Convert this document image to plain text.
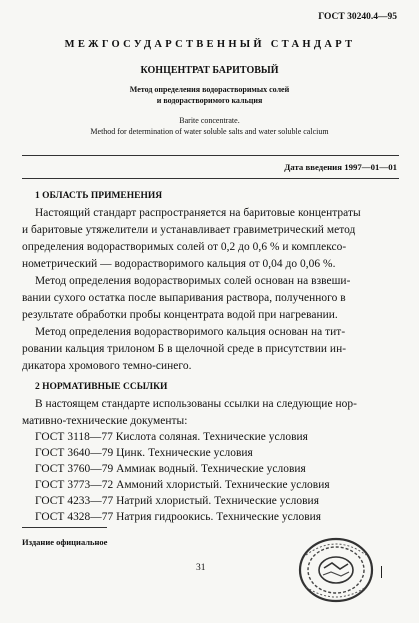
ГОСТ 30240.4—95
МЕЖГОСУДАРСТВЕННЫЙ СТАНДАРТ
КОНЦЕНТРАТ БАРИТОВЫЙ
Метод определения водорастворимых солей
и водорастворимого кальция
Barite concentrate.
Method for determination of water soluble salts and water soluble calcium
Дата введения 1997—01—01
1 ОБЛАСТЬ ПРИМЕНЕНИЯ
Настоящий стандарт распространяется на баритовые концентраты
и баритовые утяжелители и устанавливает гравиметрический метод
определения водорастворимых солей от 0,2 до 0,6 % и комплексо-
нометрический — водорастворимого кальция от 0,04 до 0,06 %.
Метод определения водорастворимых солей основан на взвеши-
вании сухого остатка после выпаривания раствора, полученного в
результате обработки пробы концентрата водой при нагревании.
Метод определения водорастворимого кальция основан на тит-
ровании кальция трилоном Б в щелочной среде в присутствии ин-
дикатора хромового темно-синего.
2 НОРМАТИВНЫЕ ССЫЛКИ
В настоящем стандарте использованы ссылки на следующие нор-
мативно-технические документы:
ГОСТ 3118—77 Кислота соляная. Технические условия
ГОСТ 3640—79 Цинк. Технические условия
ГОСТ 3760—79 Аммиак водный. Технические условия
ГОСТ 3773—72 Аммоний хлористый. Технические условия
ГОСТ 4233—77 Натрий хлористый. Технические условия
ГОСТ 4328—77 Натрия гидроокись. Технические условия
Издание официальное
31
